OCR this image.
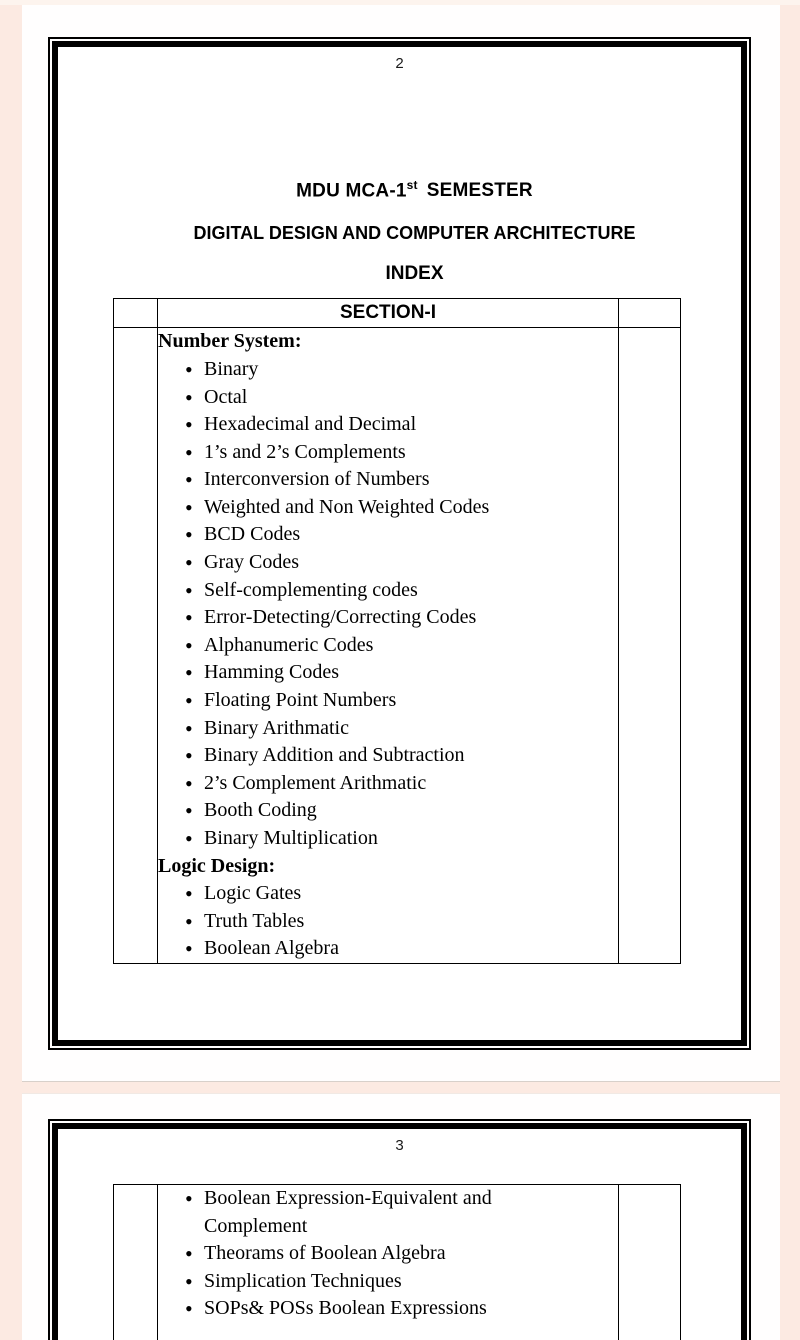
2
MDU MCA-1st SEMESTER
DIGITAL DESIGN AND COMPUTER ARCHITECTURE
INDEX
	SECTION-I	

Number System:
• Binary
• Octal
• Hexadecimal and Decimal
• 1’s and 2’s Complements
• Interconversion of Numbers
• Weighted and Non Weighted Codes
• BCD Codes
• Gray Codes
• Self-complementing codes
• Error-Detecting/Correcting Codes
• Alphanumeric Codes
• Hamming Codes
• Floating Point Numbers
• Binary Arithmatic
• Binary Addition and Subtraction
• 2’s Complement Arithmatic
• Booth Coding
• Binary Multiplication
Logic Design:
• Logic Gates
• Truth Tables
• Boolean Algebra

3

• Boolean Expression-Equivalent and Complement
• Theorams of Boolean Algebra
• Simplication Techniques
• SOPs& POSs Boolean Expressions
